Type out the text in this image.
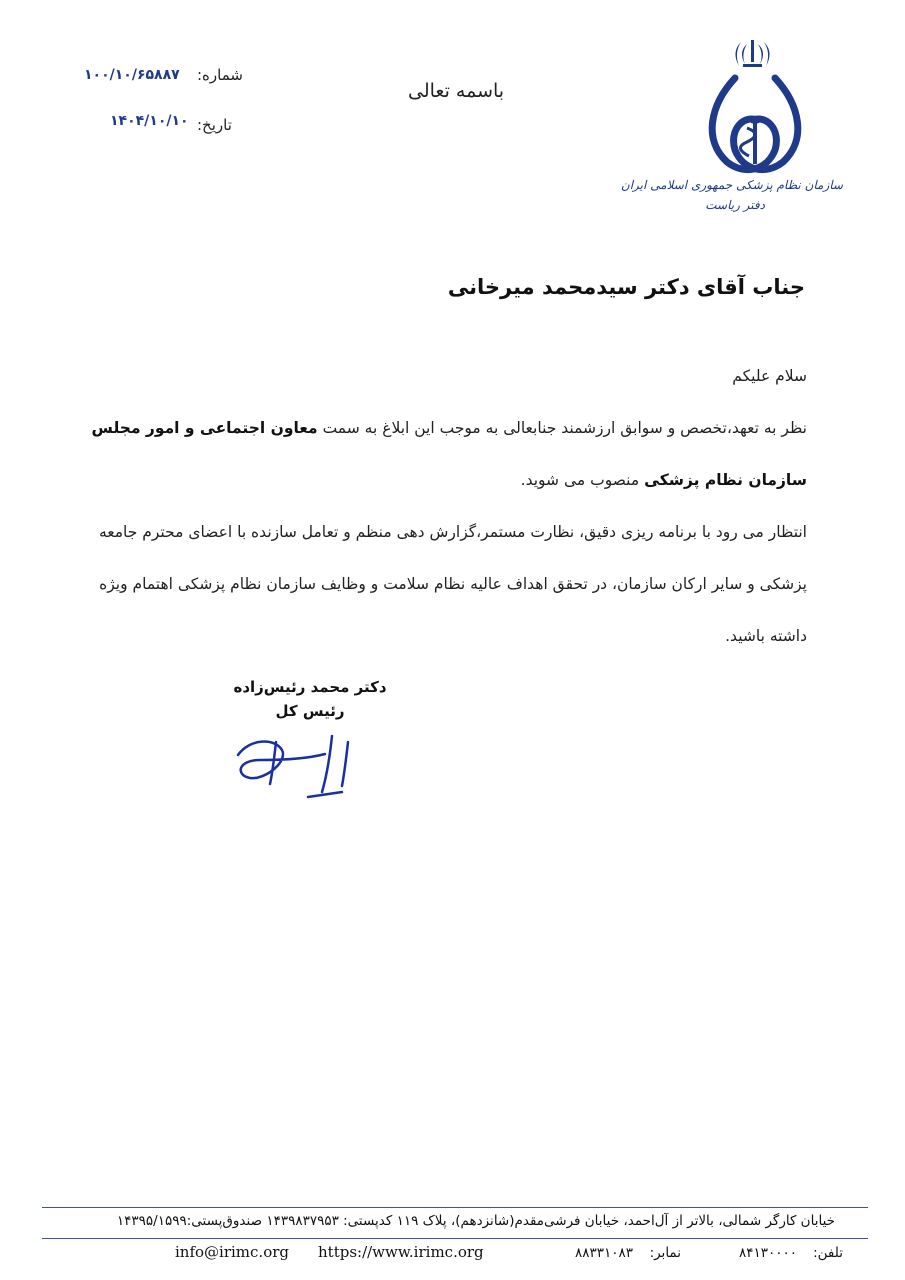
شماره:
۱۰۰/۱۰/۶۵۸۸۷
تاریخ:
۱۴۰۴/۱۰/۱۰
باسمه تعالی
سازمان نظام پزشکی جمهوری اسلامی ایران
دفتر ریاست
جناب آقای دکتر سیدمحمد میرخانی
سلام علیکم
نظر به تعهد،تخصص و سوابق ارزشمند جنابعالی به موجب این ابلاغ به سمت معاون اجتماعی و امور مجلس
سازمان نظام پزشکی منصوب می شوید.
انتظار می رود با برنامه ریزی دقیق، نظارت مستمر،گزارش دهی منظم و تعامل سازنده با اعضای محترم جامعه
پزشکی و سایر ارکان سازمان، در تحقق اهداف عالیه نظام سلامت و وظایف سازمان نظام پزشکی اهتمام ویژه
داشته باشید.
دکتر محمد رئیس‌زاده
رئیس کل
خیابان کارگر شمالی، بالاتر از آل‌احمد، خیابان فرشی‌مقدم(شانزدهم)، پلاک ۱۱۹ کدپستی: ۱۴۳۹۸۳۷۹۵۳ صندوق‌پستی:۱۴۳۹۵/۱۵۹۹
تلفن:
۸۴۱۳۰۰۰۰
نمابر:
۸۸۳۳۱۰۸۳
https://www.irimc.org
info@irimc.org
